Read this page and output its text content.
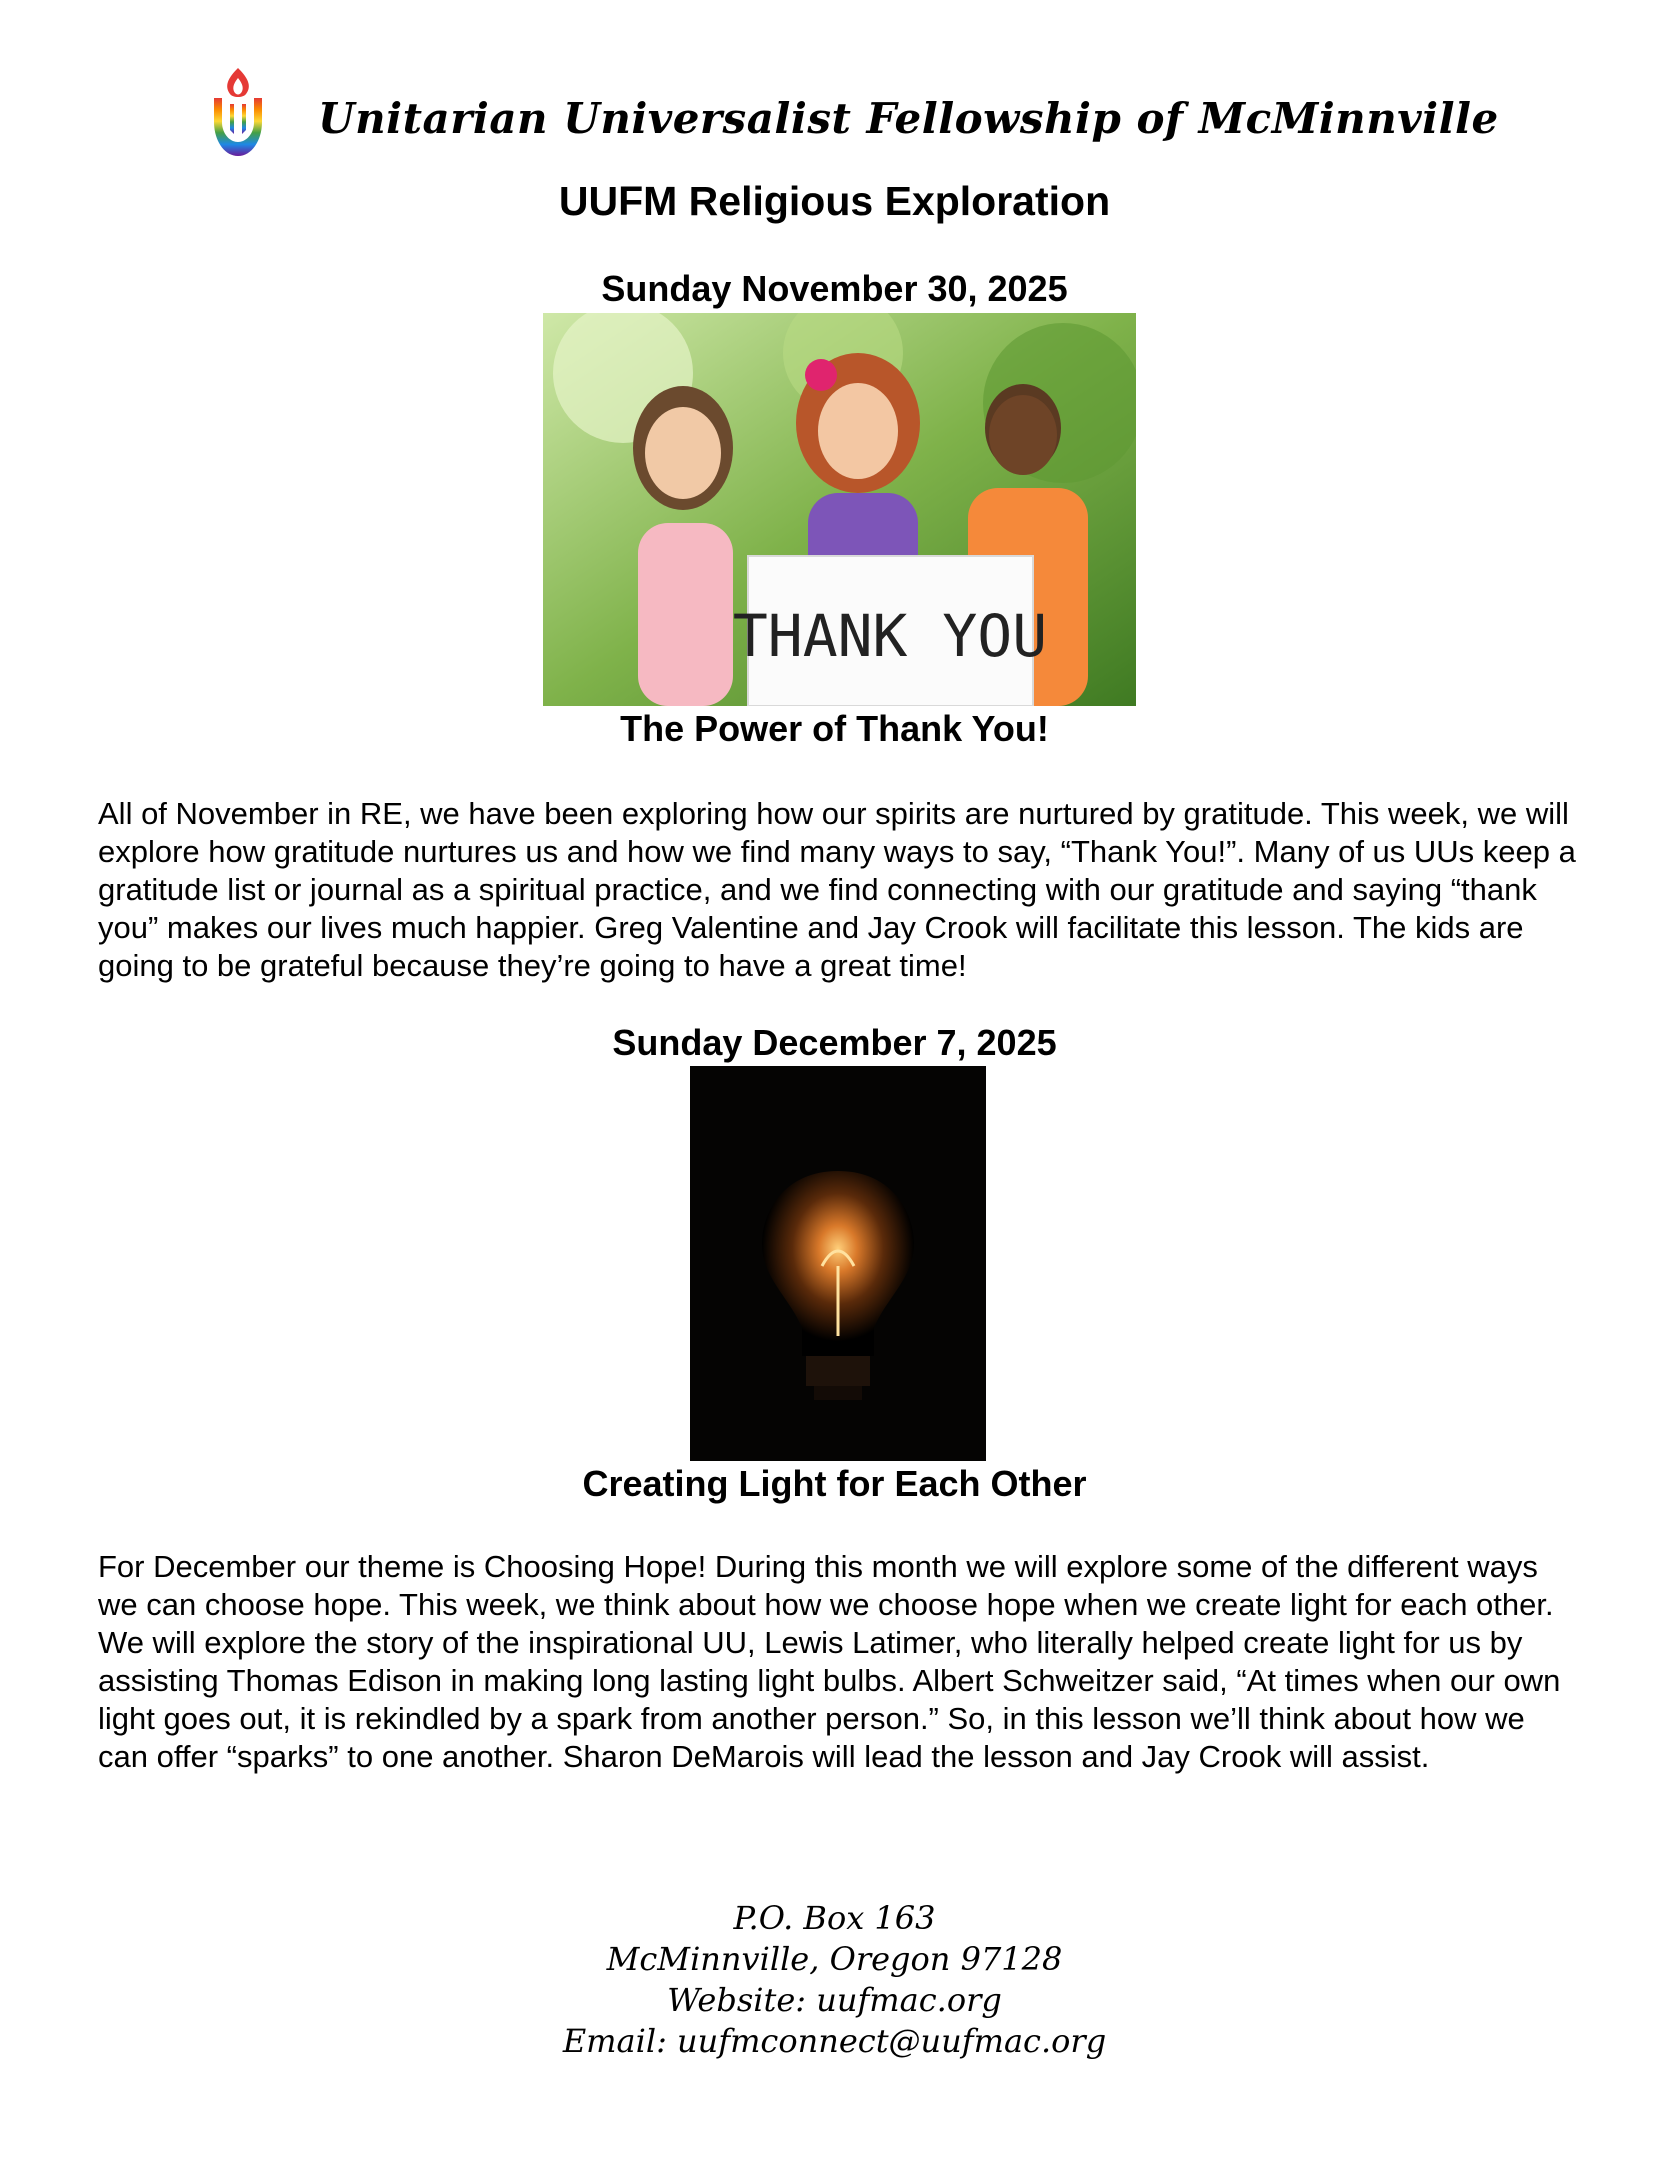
Unitarian Universalist Fellowship of McMinnville
UUFM Religious Exploration
Sunday November 30, 2025
THANK YOU
The Power of Thank You!
All of November in RE, we have been exploring how our spirits are nurtured by gratitude. This week, we will explore how gratitude nurtures us and how we find many ways to say, “Thank You!”. Many of us UUs keep a gratitude list or journal as a spiritual practice, and we find connecting with our gratitude and saying “thank you” makes our lives much happier. Greg Valentine and Jay Crook will facilitate this lesson. The kids are going to be grateful because they’re going to have a great time!
Sunday December 7, 2025
Creating Light for Each Other
For December our theme is Choosing Hope! During this month we will explore some of the different ways we can choose hope. This week, we think about how we choose hope when we create light for each other. We will explore the story of the inspirational UU, Lewis Latimer, who literally helped create light for us by assisting Thomas Edison in making long lasting light bulbs. Albert Schweitzer said, “At times when our own light goes out, it is rekindled by a spark from another person.” So, in this lesson we’ll think about how we can offer “sparks” to one another. Sharon DeMarois will lead the lesson and Jay Crook will assist.
P.O. Box 163
McMinnville, Oregon 97128
Website: uufmac.org
Email: uufmconnect@uufmac.org
